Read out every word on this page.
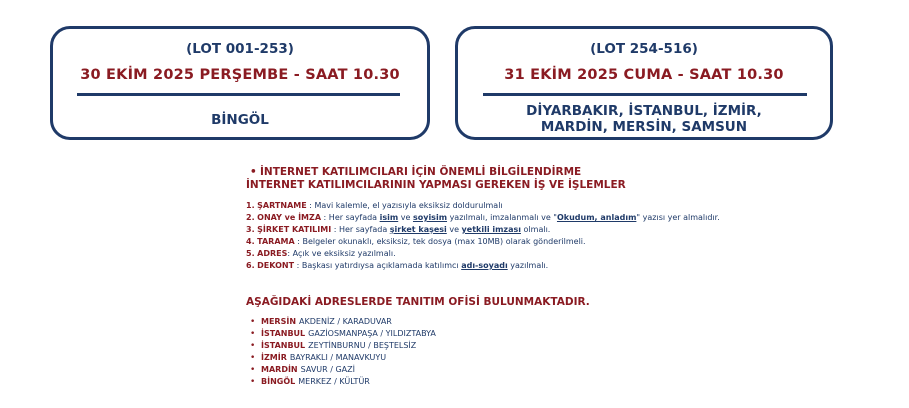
(LOT 001-253)
30 EKİM 2025 PERŞEMBE - SAAT 10.30
BİNGÖL
(LOT 254-516)
31 EKİM 2025 CUMA - SAAT 10.30
DİYARBAKIR, İSTANBUL, İZMİR,
MARDİN, MERSİN, SAMSUN
• İNTERNET KATILIMCILARI İÇİN ÖNEMLİ BİLGİLENDİRME
İNTERNET KATILIMCILARININ YAPMASI GEREKEN İŞ VE İŞLEMLER
1. ŞARTNAME : Mavi kalemle, el yazısıyla eksiksiz doldurulmalı
2. ONAY ve İMZA : Her sayfada isim ve soyisim yazılmalı, imzalanmalı ve "Okudum, anladım" yazısı yer almalıdır.
3. ŞİRKET KATILIMI : Her sayfada şirket kaşesi ve yetkili imzası olmalı.
4. TARAMA : Belgeler okunaklı, eksiksiz, tek dosya (max 10MB) olarak gönderilmeli.
5. ADRES: Açık ve eksiksiz yazılmalı.
6. DEKONT : Başkası yatırdıysa açıklamada katılımcı adı-soyadı yazılmalı.
AŞAĞIDAKİ ADRESLERDE TANITIM OFİSİ BULUNMAKTADIR.
• MERSİN AKDENİZ / KARADUVAR
• İSTANBUL GAZİOSMANPAŞA / YILDIZTABYA
• İSTANBUL ZEYTİNBURNU / BEŞTELSİZ
• İZMİR BAYRAKLI / MANAVKUYU
• MARDİN SAVUR / GAZİ
• BİNGÖL MERKEZ / KÜLTÜR
